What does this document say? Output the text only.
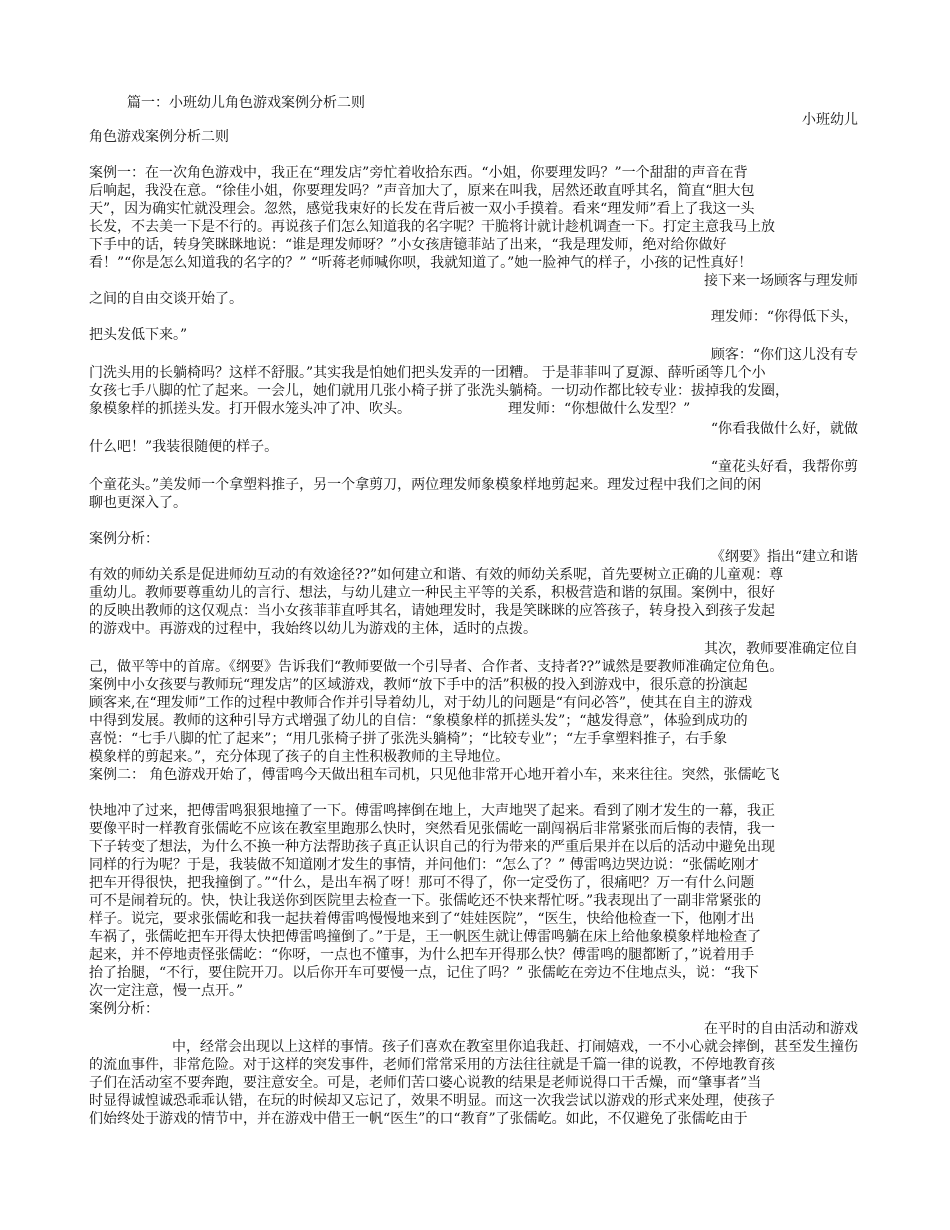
篇一：小班幼儿角色游戏案例分析二则
小班幼儿
角色游戏案例分析二则
案例一：在一次角色游戏中，我正在“理发店”旁忙着收拾东西。“小姐，你要理发吗？”一个甜甜的声音在背
后响起，我没在意。“徐佳小姐，你要理发吗？”声音加大了，原来在叫我，居然还敢直呼其名，简直“胆大包
天”，因为确实忙就没理会。忽然，感觉我束好的长发在背后被一双小手摸着。看来“理发师”看上了我这一头
长发，不去美一下是不行的。再说孩子们怎么知道我的名字呢？干脆将计就计趁机调查一下。打定主意我马上放
下手中的话，转身笑眯眯地说：“谁是理发师呀？”小女孩唐镱菲站了出来，“我是理发师，绝对给你做好
看！”“你是怎么知道我的名字的？” “听蒋老师喊你呗，我就知道了。”她一脸神气的样子，小孩的记性真好！
接下来一场顾客与理发师
之间的自由交谈开始了。
理发师：“你得低下头，
把头发低下来。”
顾客：“你们这儿没有专
门洗头用的长躺椅吗？这样不舒服。”其实我是怕她们把头发弄的一团糟。 于是菲菲叫了夏源、薛听函等几个小
女孩七手八脚的忙了起来。一会儿，她们就用几张小椅子拼了张洗头躺椅。一切动作都比较专业：拔掉我的发圈，
象模象样的抓搓头发。打开假水笼头冲了冲、吹头。	理发师：“你想做什么发型？”
“你看我做什么好，就做
什么吧！”我装很随便的样子。
“童花头好看，我帮你剪
个童花头。”美发师一个拿塑料推子，另一个拿剪刀，两位理发师象模象样地剪起来。理发过程中我们之间的闲
聊也更深入了。
案例分析：
《纲要》指出“建立和谐
有效的师幼关系是促进师幼互动的有效途径??”如何建立和谐、有效的师幼关系呢，首先要树立正确的儿童观：尊
重幼儿。教师要尊重幼儿的言行、想法，与幼儿建立一种民主平等的关系，积极营造和谐的氛围。案例中，很好
的反映出教师的这仅观点：当小女孩菲菲直呼其名，请她理发时，我是笑眯眯的应答孩子，转身投入到孩子发起
的游戏中。再游戏的过程中，我始终以幼儿为游戏的主体，适时的点拨。
其次，教师要准确定位自
己，做平等中的首席。《纲要》告诉我们“教师要做一个引导者、合作者、支持者??”诚然是要教师准确定位角色。
案例中小女孩要与教师玩“理发店”的区域游戏，教师“放下手中的活”积极的投入到游戏中，很乐意的扮演起
顾客来,在“理发师”工作的过程中教师合作并引导着幼儿，对于幼儿的问题是“有问必答”，使其在自主的游戏
中得到发展。教师的这种引导方式增强了幼儿的自信：“象模象样的抓搓头发”；“越发得意”，体验到成功的
喜悦：“七手八脚的忙了起来”；“用几张椅子拼了张洗头躺椅”；“比较专业”；“左手拿塑料推子，右手象
模象样的剪起来。”，充分体现了孩子的自主性积极教师的主导地位。
案例二： 角色游戏开始了，傅雷鸣今天做出租车司机，只见他非常开心地开着小车，来来往往。突然，张儒屹飞
快地冲了过来，把傅雷鸣狠狠地撞了一下。傅雷鸣摔倒在地上，大声地哭了起来。看到了刚才发生的一幕，我正
要像平时一样教育张儒屹不应该在教室里跑那么快时，突然看见张儒屹一副闯祸后非常紧张而后悔的表情，我一
下子转变了想法，为什么不换一种方法帮助孩子真正认识自己的行为带来的严重后果并在以后的活动中避免出现
同样的行为呢？于是，我装做不知道刚才发生的事情，并问他们：“怎么了？” 傅雷鸣边哭边说：“张儒屹刚才
把车开得很快，把我撞倒了。”“什么，是出车祸了呀！那可不得了，你一定受伤了，很痛吧？万一有什么问题
可不是闹着玩的。快，快让我送你到医院里去检查一下。张儒屹还不快来帮忙呀。”我表现出了一副非常紧张的
样子。说完，要求张儒屹和我一起扶着傅雷鸣慢慢地来到了“娃娃医院”，“医生，快给他检查一下，他刚才出
车祸了，张儒屹把车开得太快把傅雷鸣撞倒了。”于是，王一帆医生就让傅雷鸣躺在床上给他象模象样地检查了
起来，并不停地责怪张儒屹：“你呀，一点也不懂事，为什么把车开得那么快？傅雷鸣的腿都断了，”说着用手
抬了抬腿，“不行，要住院开刀。以后你开车可要慢一点，记住了吗？” 张儒屹在旁边不住地点头，说：“我下
次一定注意，慢一点开。”
案例分析：
在平时的自由活动和游戏
中，经常会出现以上这样的事情。孩子们喜欢在教室里你追我赶、打闹嬉戏，一不小心就会摔倒，甚至发生撞伤
的流血事件，非常危险。对于这样的突发事件，老师们常常采用的方法往往就是千篇一律的说教，不停地教育孩
子们在活动室不要奔跑，要注意安全。可是，老师们苦口婆心说教的结果是老师说得口干舌燥，而“肇事者”当
时显得诚惶诚恐乖乖认错，在玩的时候却又忘记了，效果不明显。而这一次我尝试以游戏的形式来处理，使孩子
们始终处于游戏的情节中，并在游戏中借王一帆“医生”的口“教育”了张儒屹。如此，不仅避免了张儒屹由于
